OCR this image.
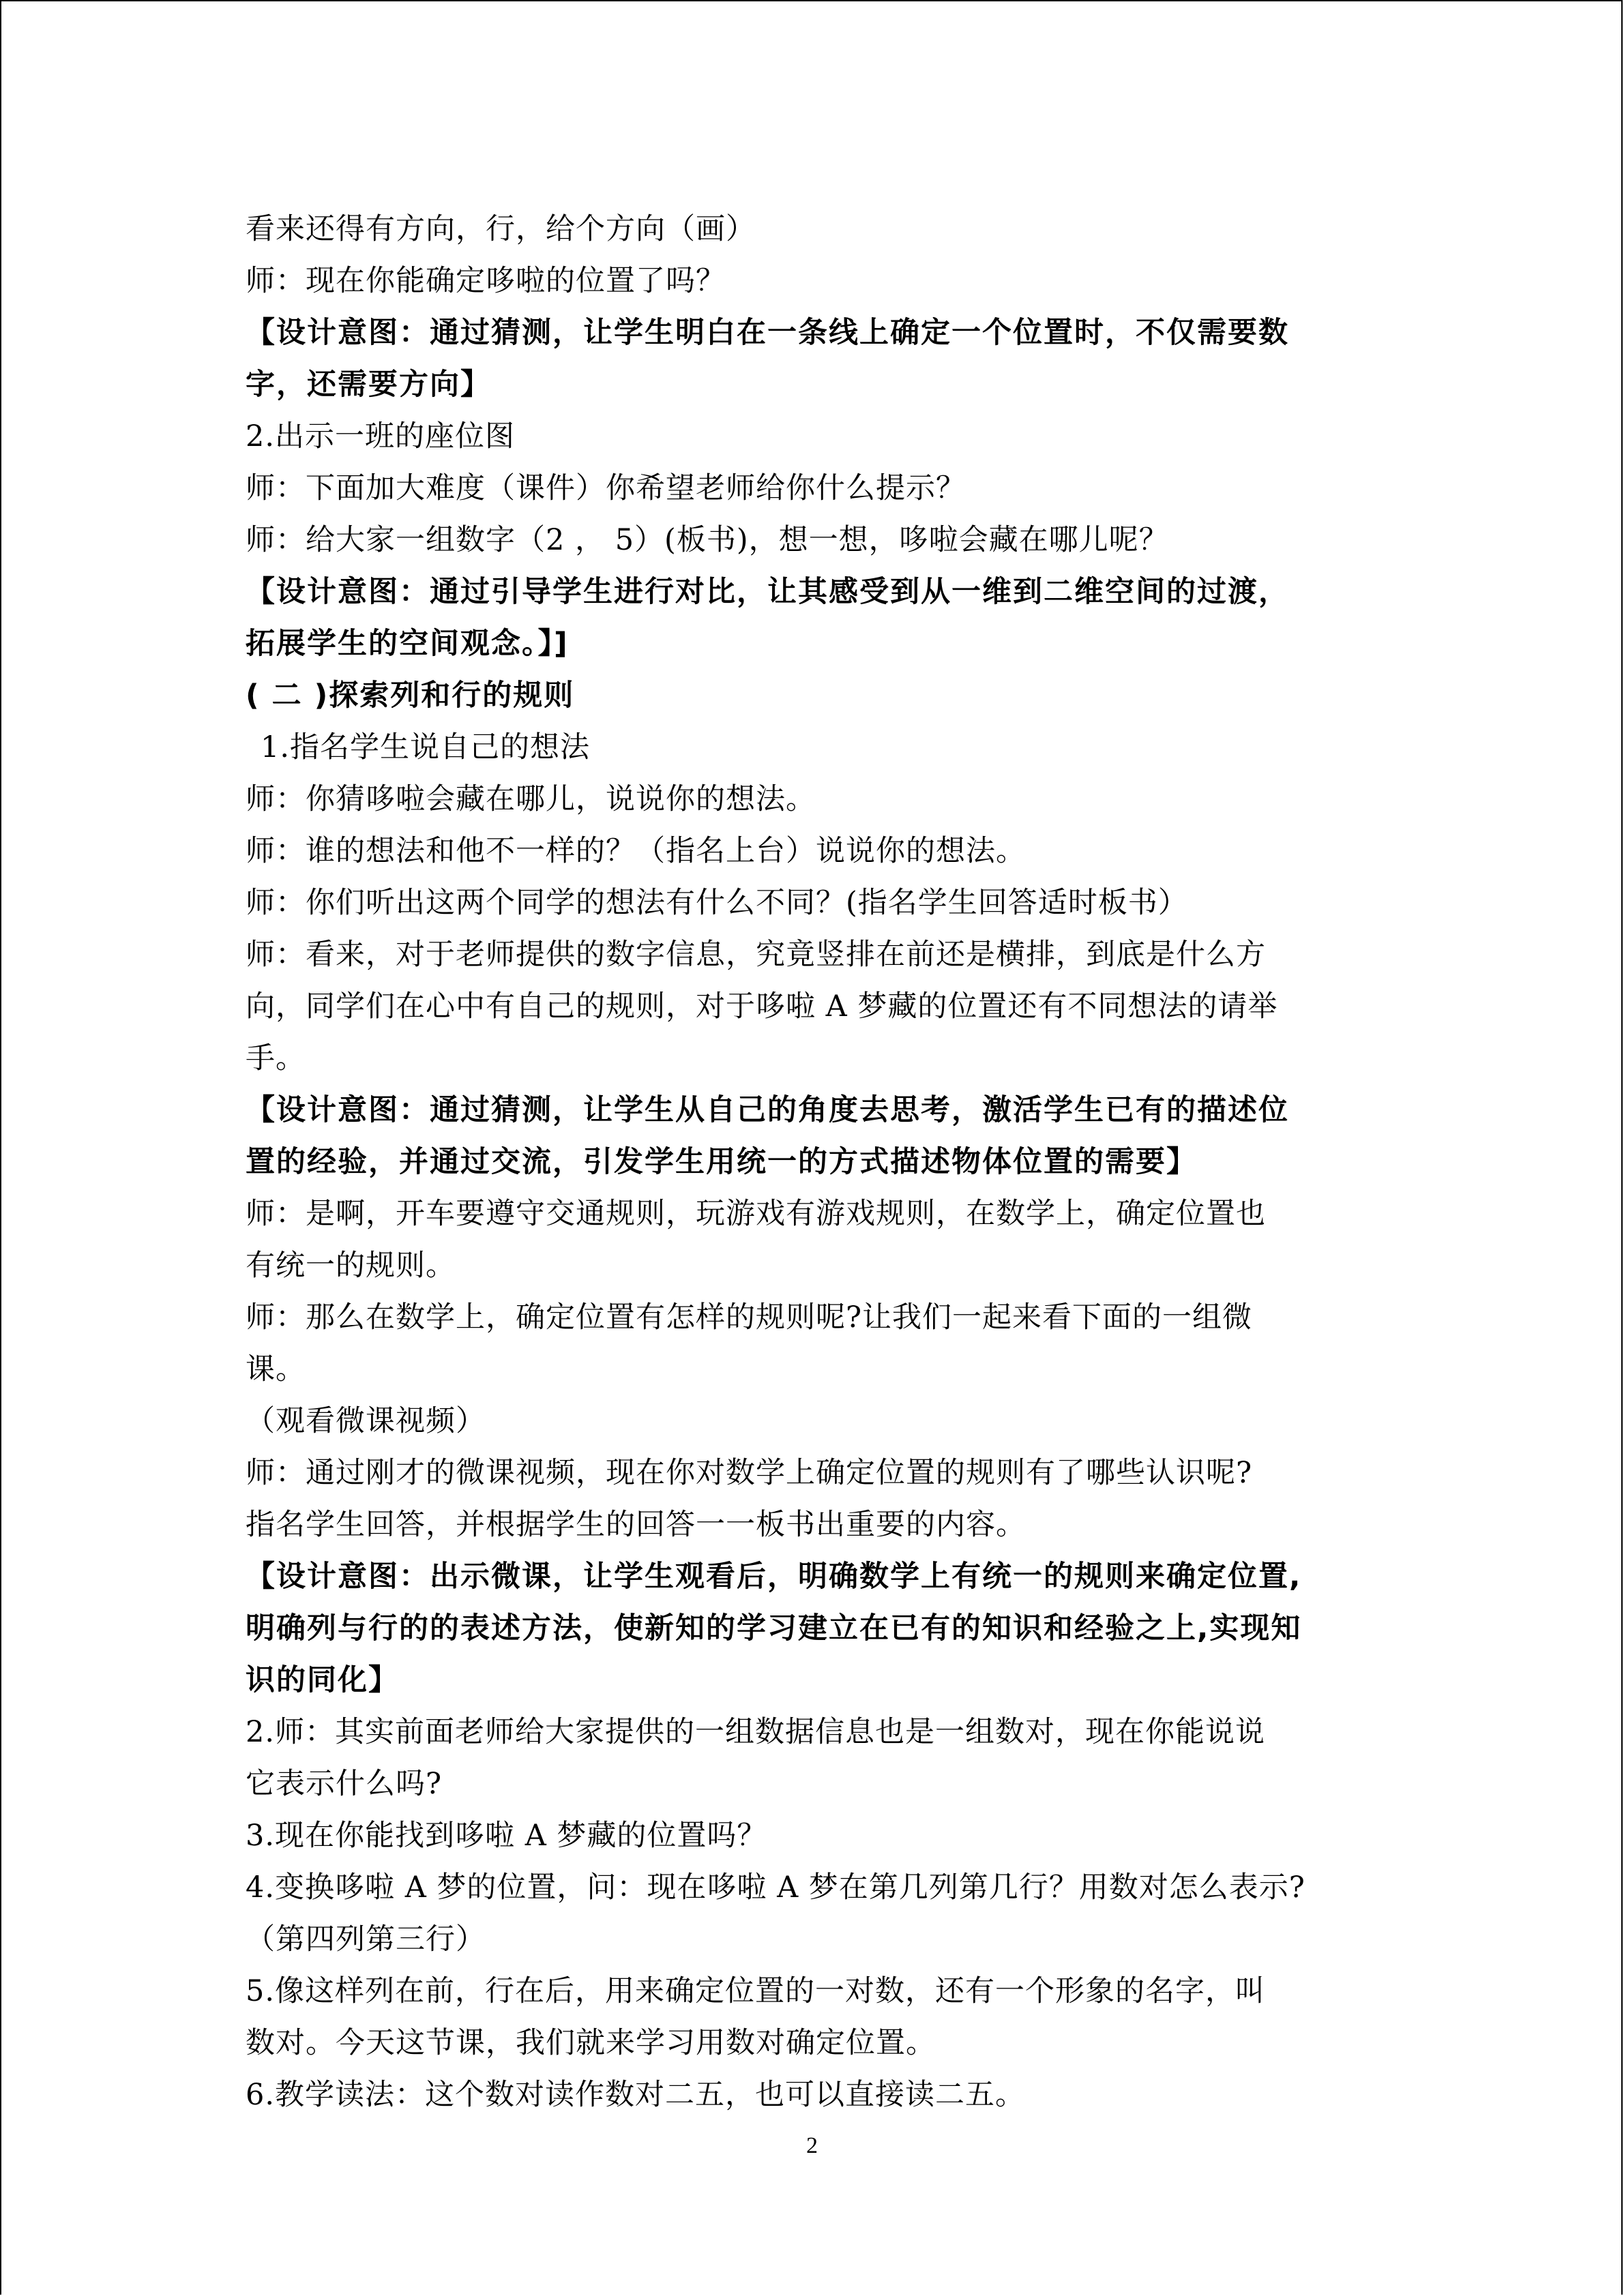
看来还得有方向，行，给个方向（画）
师：现在你能确定哆啦的位置了吗？
【设计意图：通过猜测，让学生明白在一条线上确定一个位置时，不仅需要数
字，还需要方向】
2.出示一班的座位图
师：下面加大难度（课件）你希望老师给你什么提示？
师：给大家一组数字（2 ， 5）(板书)，想一想，哆啦会藏在哪儿呢？
【设计意图：通过引导学生进行对比，让其感受到从一维到二维空间的过渡，
拓展学生的空间观念。】]
( 二 )探索列和行的规则
1.指名学生说自己的想法
师：你猜哆啦会藏在哪儿，说说你的想法。
师：谁的想法和他不一样的？（指名上台）说说你的想法。
师：你们听出这两个同学的想法有什么不同？(指名学生回答适时板书）
师：看来，对于老师提供的数字信息，究竟竖排在前还是横排，到底是什么方
向，同学们在心中有自己的规则，对于哆啦 A 梦藏的位置还有不同想法的请举
手。
【设计意图：通过猜测，让学生从自己的角度去思考，激活学生已有的描述位
置的经验，并通过交流，引发学生用统一的方式描述物体位置的需要】
师：是啊，开车要遵守交通规则，玩游戏有游戏规则，在数学上，确定位置也
有统一的规则。
师：那么在数学上，确定位置有怎样的规则呢?让我们一起来看下面的一组微
课。
（观看微课视频）
师：通过刚才的微课视频，现在你对数学上确定位置的规则有了哪些认识呢?
指名学生回答，并根据学生的回答一一板书出重要的内容。
【设计意图：出示微课，让学生观看后，明确数学上有统一的规则来确定位置,
明确列与行的的表述方法，使新知的学习建立在已有的知识和经验之上,实现知
识的同化】
2.师：其实前面老师给大家提供的一组数据信息也是一组数对，现在你能说说
它表示什么吗?
3.现在你能找到哆啦 A 梦藏的位置吗？
4.变换哆啦 A 梦的位置，问：现在哆啦 A 梦在第几列第几行？用数对怎么表示?
（第四列第三行）
5.像这样列在前，行在后，用来确定位置的一对数，还有一个形象的名字，叫
数对。今天这节课，我们就来学习用数对确定位置。
6.教学读法：这个数对读作数对二五，也可以直接读二五。
2
